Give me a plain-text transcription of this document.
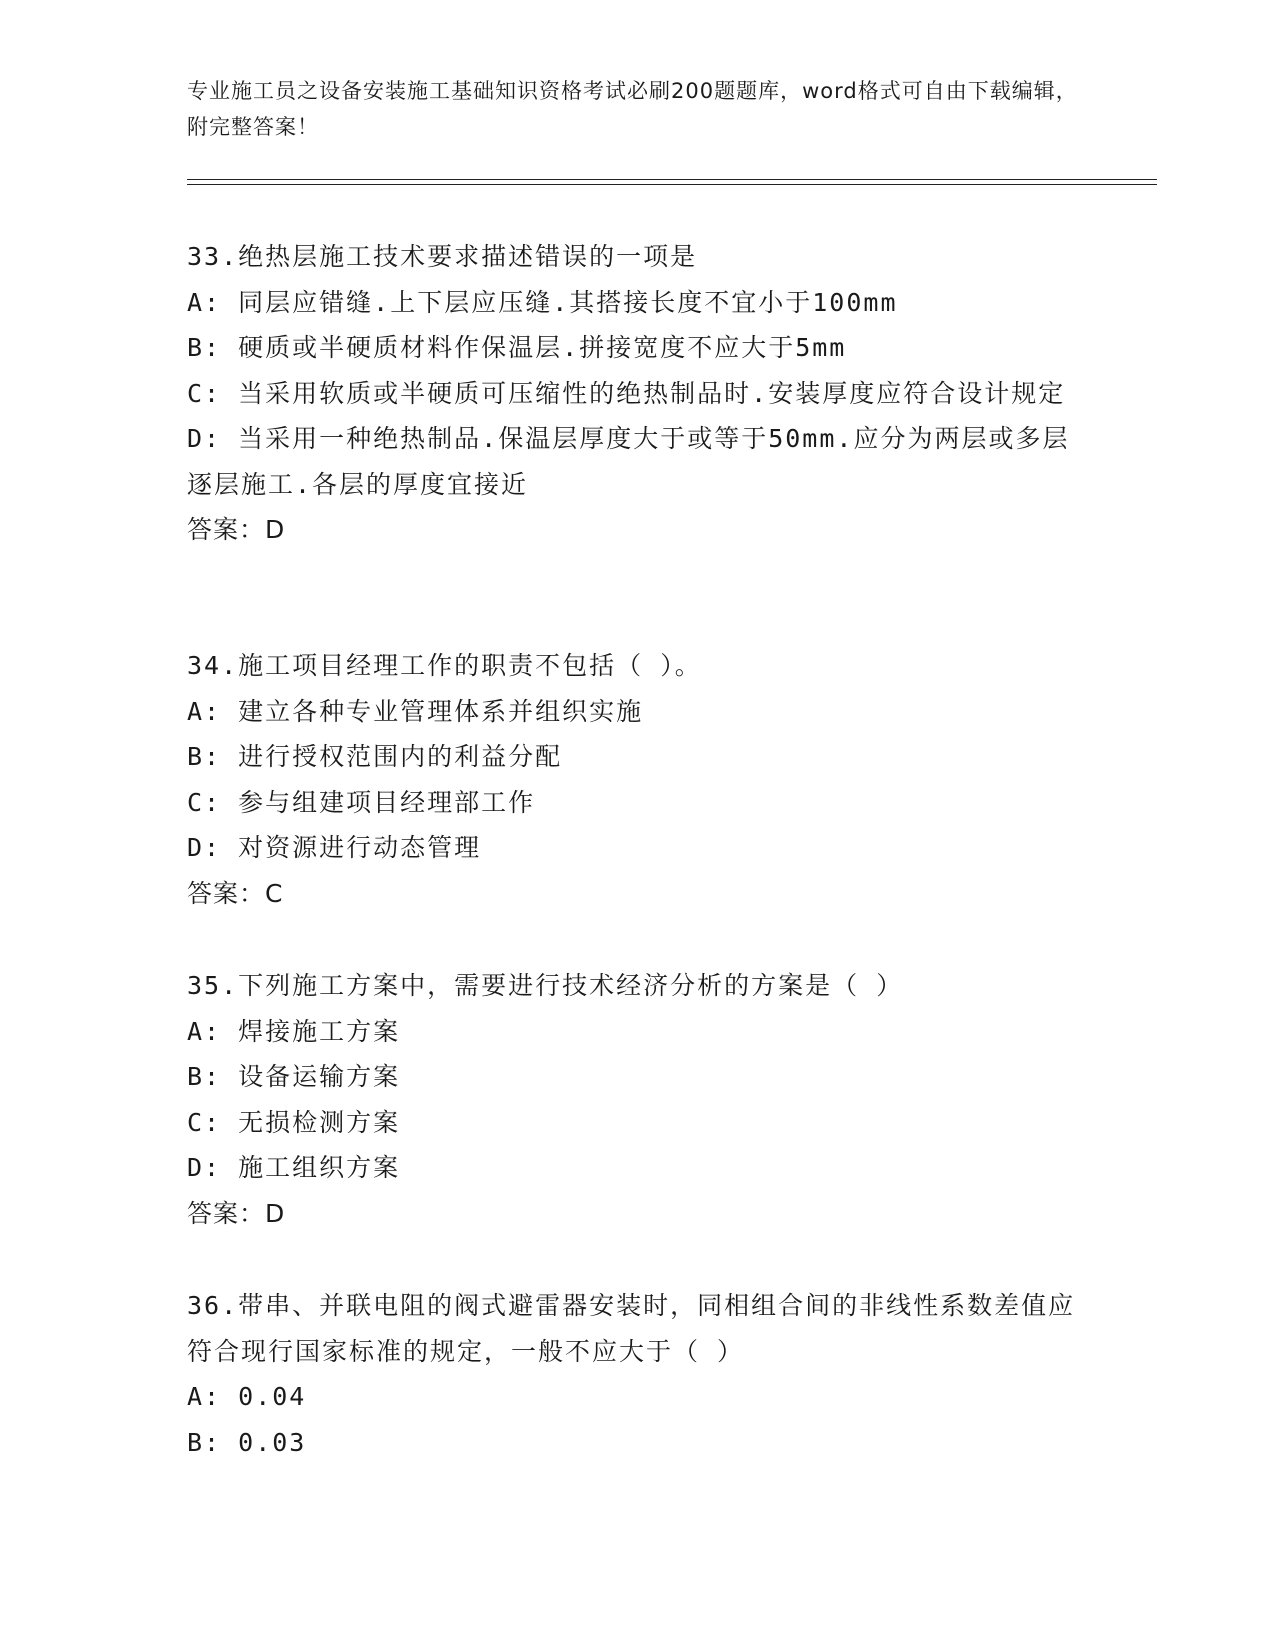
专业施工员之设备安装施工基础知识资格考试必刷200题题库，word格式可自由下载编辑，附完整答案！

33.绝热层施工技术要求描述错误的一项是

A: 同层应错缝.上下层应压缝.其搭接长度不宜小于100mm

B: 硬质或半硬质材料作保温层.拼接宽度不应大于5mm

C: 当采用软质或半硬质可压缩性的绝热制品时.安装厚度应符合设计规定

D: 当采用一种绝热制品.保温层厚度大于或等于50mm.应分为两层或多层逐层施工.各层的厚度宜接近

答案：D

34.施工项目经理工作的职责不包括（ ）。

A: 建立各种专业管理体系并组织实施

B: 进行授权范围内的利益分配

C: 参与组建项目经理部工作

D: 对资源进行动态管理

答案：C

35.下列施工方案中，需要进行技术经济分析的方案是（ ）

A: 焊接施工方案

B: 设备运输方案

C: 无损检测方案

D: 施工组织方案

答案：D

36.带串、并联电阻的阀式避雷器安装时，同相组合间的非线性系数差值应符合现行国家标准的规定，一般不应大于（ ）

A: 0.04

B: 0.03
